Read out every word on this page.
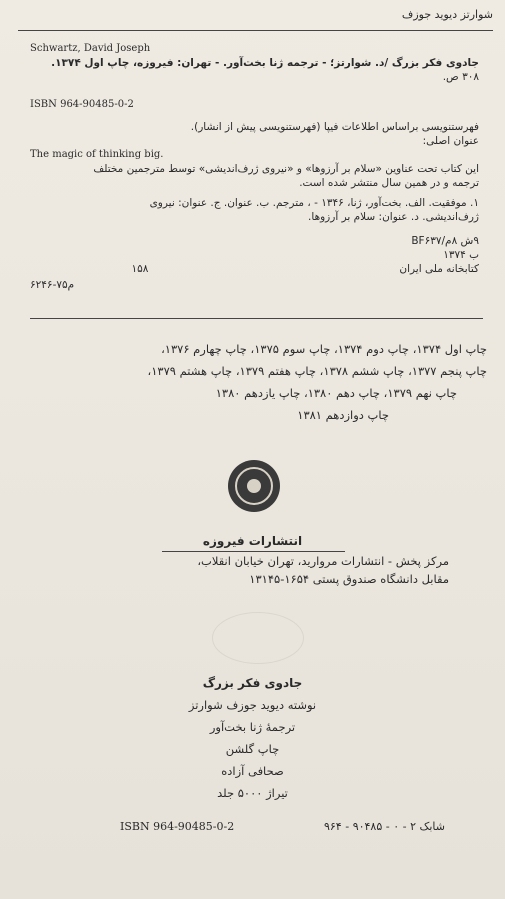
شوارتز دیوید جوزف
Schwartz, David Joseph
جادوی فکر بزرگ /د. شوارتز؛ - ترجمه ژنا بخت‌آور. - تهران: فیروزه، چاپ اول ۱۳۷۴.
۳۰۸ ص.
ISBN 964-90485-0-2
فهرستنویسی براساس اطلاعات فیپا (فهرستنویسی پیش از انشار).
عنوان اصلی:
The magic of thinking big.
این کتاب تحت عناوین «سلام بر آرزوها» و «نیروی ژرف‌اندیشی» توسط مترجمین مختلف
ترجمه و در همین سال منتشر شده است.
۱. موفقیت. الف. بخت‌آور، ژنا، ۱۳۴۶ - ، مترجم. ب. عنوان. ج. عنوان: نیروی
ژرف‌اندیشی. د. عنوان: سلام بر آرزوها.
۱۵۸
۹ش ۸م/BF۶۳۷
ب ۱۳۷۴
کتابخانه ملی ایران
م۷۵-۶۲۴۶
چاپ اول ۱۳۷۴، چاپ دوم ۱۳۷۴، چاپ سوم ۱۳۷۵، چاپ چهارم ۱۳۷۶،
چاپ پنجم ۱۳۷۷، چاپ ششم ۱۳۷۸، چاپ هفتم ۱۳۷۹، چاپ هشتم ۱۳۷۹،
چاپ نهم ۱۳۷۹، چاپ دهم ۱۳۸۰، چاپ یازدهم ۱۳۸۰
چاپ دوازدهم ۱۳۸۱
انتشارات فیروزه
مرکز پخش - انتشارات مروارید، تهران خیابان انقلاب،
مقابل دانشگاه صندوق پستی ۱۶۵۴-۱۳۱۴۵
جادوی فکر بزرگ
نوشته دیوید جوزف شوارتز
ترجمهٔ ژنا بخت‌آور
چاپ گلشن
صحافی آزاده
تیراژ ۵۰۰۰ جلد
ISBN 964-90485-0-2	شابک ۲ - ۰ - ۹۰۴۸۵ - ۹۶۴
